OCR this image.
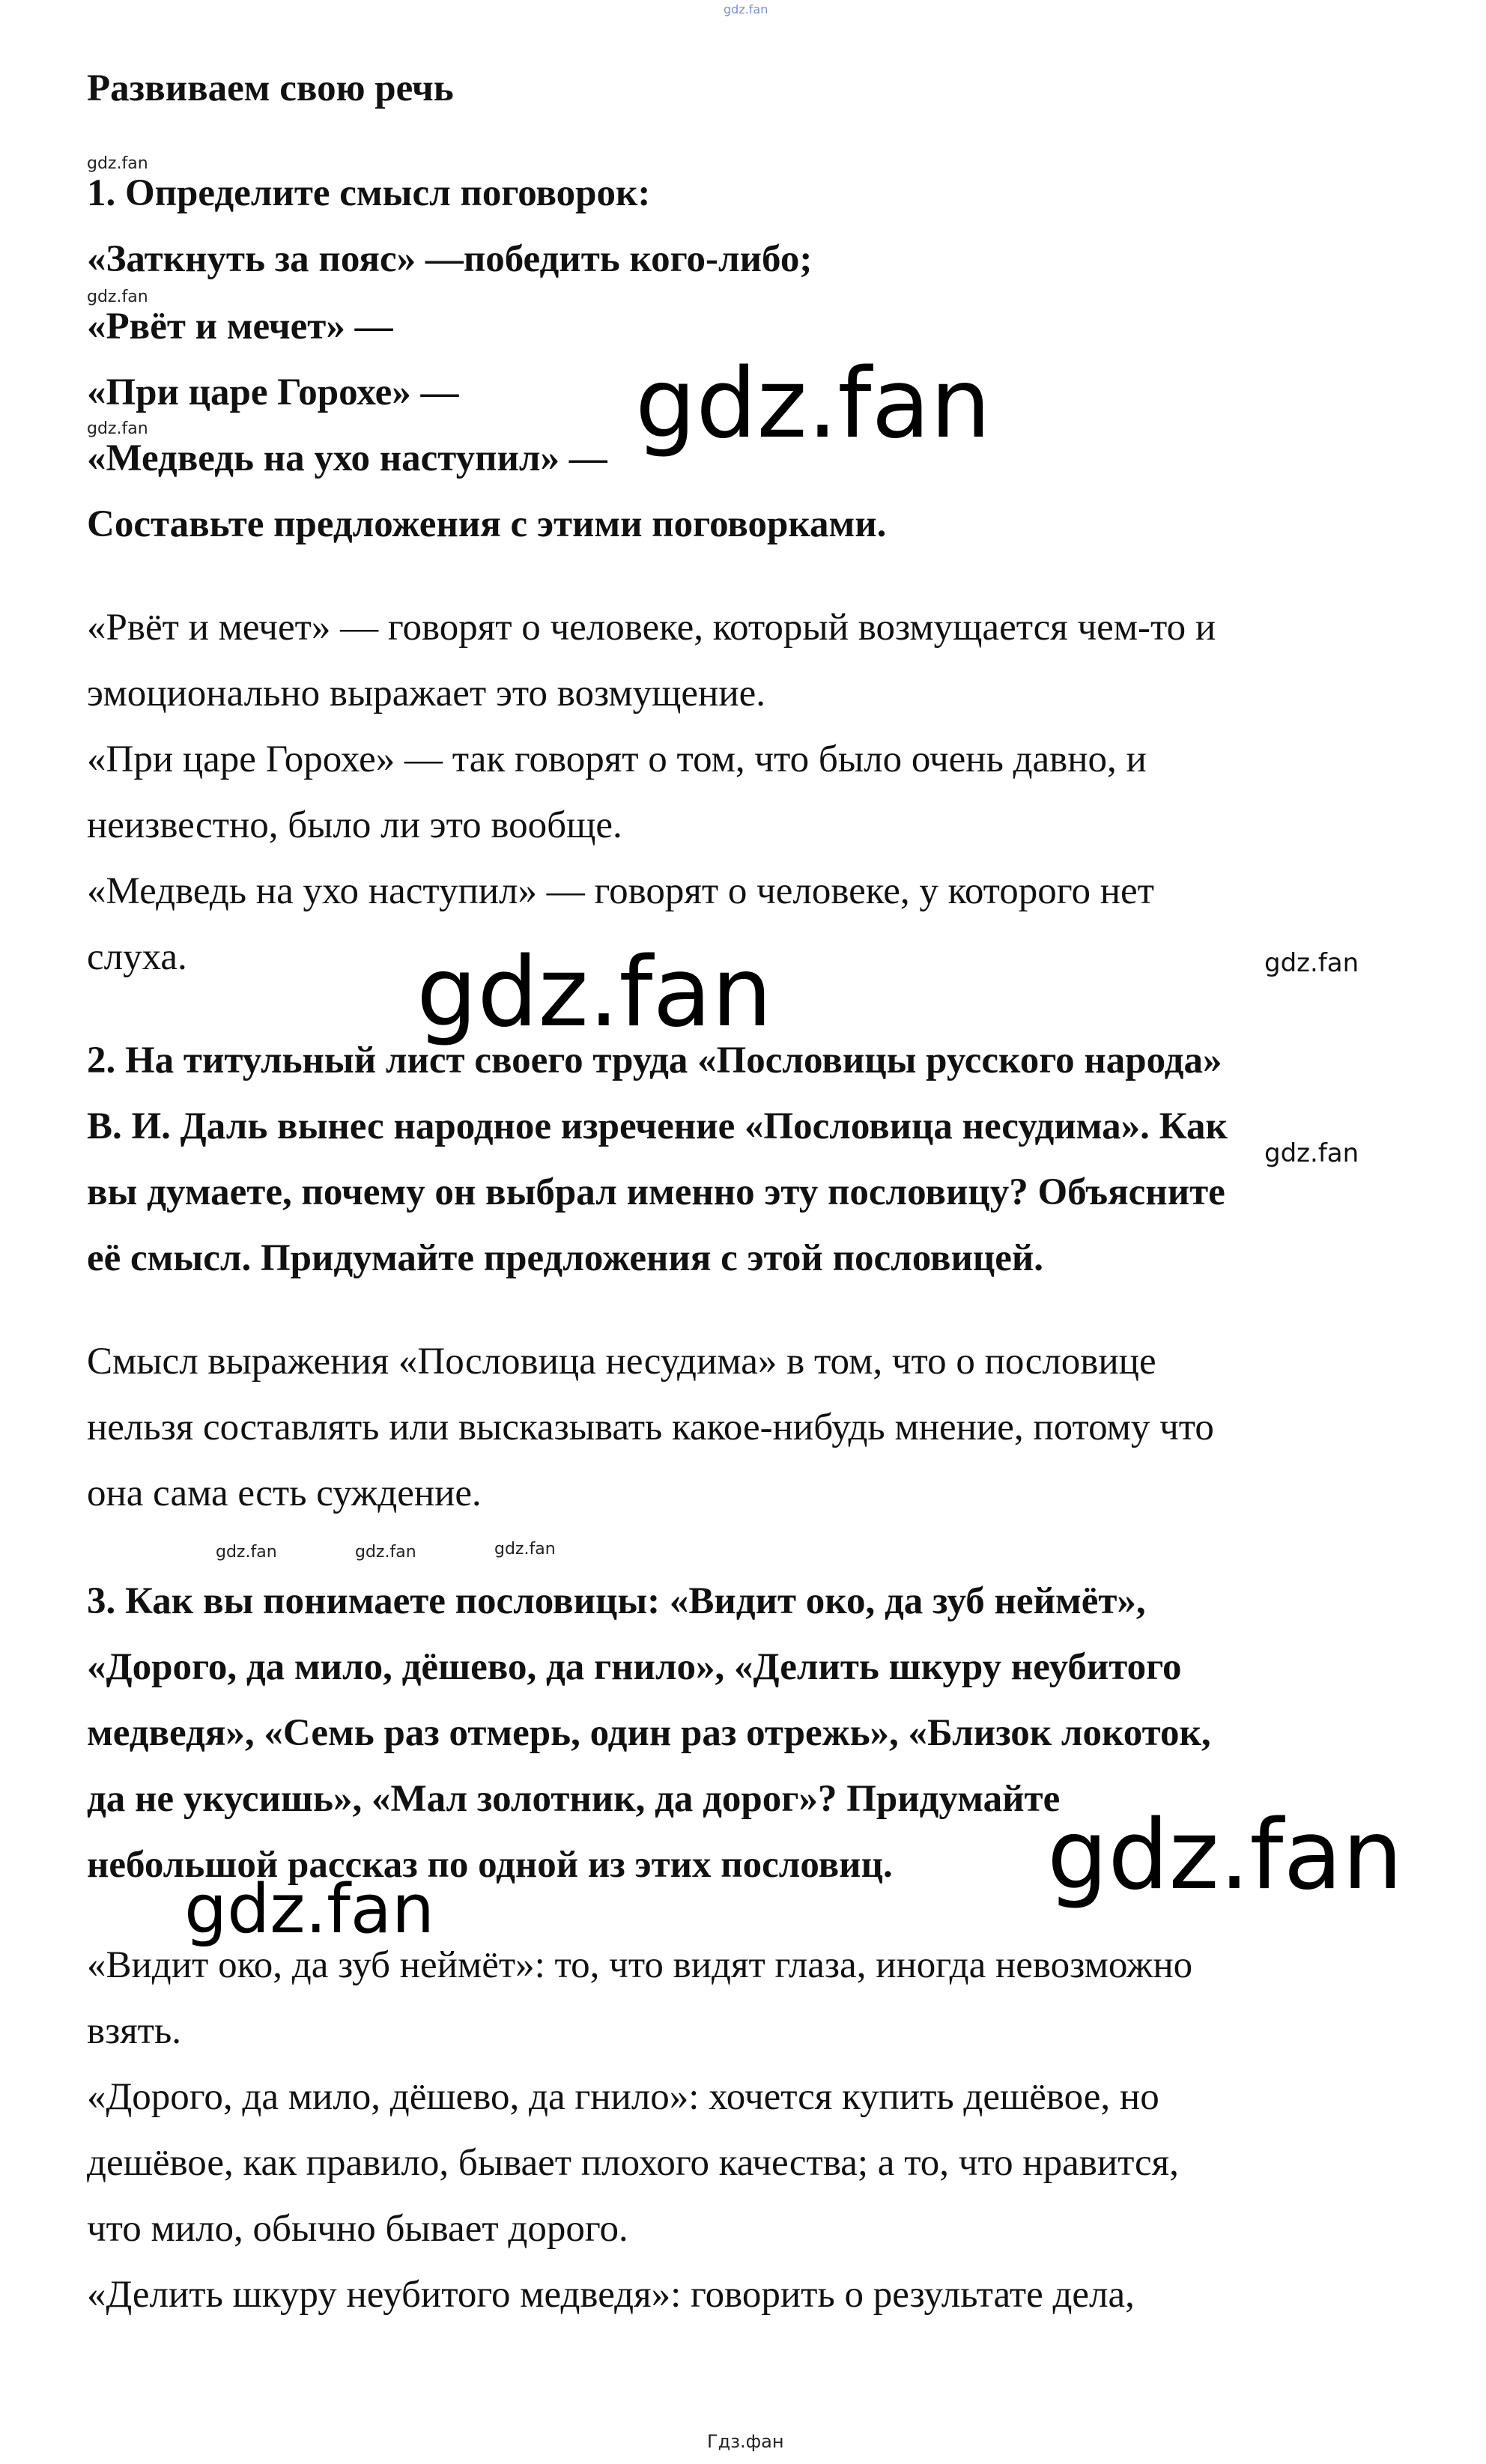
gdz.fan
Развиваем свою речь
gdz.fan
1. Определите смысл поговорок:
«Заткнуть за пояс» —победить кого-либо;
gdz.fan
«Рвёт и мечет» —
«При царе Горохе» —
gdz.fan
«Медведь на ухо наступил» —
Составьте предложения с этими поговорками.
gdz.fan
«Рвёт и мечет» — говорят о человеке, который возмущается чем-то и
эмоционально выражает это возмущение.
«При царе Горохе» — так говорят о том, что было очень давно, и
неизвестно, было ли это вообще.
«Медведь на ухо наступил» — говорят о человеке, у которого нет
слуха.	gdz.fan
gdz.fan
2. На титульный лист своего труда «Пословицы русского народа»
В. И. Даль вынес народное изречение «Пословица несудима». Как
gdz.fan
вы думаете, почему он выбрал именно эту пословицу? Объясните
её смысл. Придумайте предложения с этой пословицей.
Смысл выражения «Пословица несудима» в том, что о пословице
нельзя составлять или высказывать какое-нибудь мнение, потому что
она сама есть суждение.
gdz.fan	gdz.fan	gdz.fan
3. Как вы понимаете пословицы: «Видит око, да зуб неймёт»,
«Дорого, да мило, дёшево, да гнило», «Делить шкуру неубитого
медведя», «Семь раз отмерь, один раз отрежь», «Близок локоток,
да не укусишь», «Мал золотник, да дорог»? Придумайте
небольшой рассказ по одной из этих пословиц. gdz.fan
gdz.fan
«Видит око, да зуб неймёт»: то, что видят глаза, иногда невозможно
взять.
«Дорого, да мило, дёшево, да гнило»: хочется купить дешёвое, но
дешёвое, как правило, бывает плохого качества; а то, что нравится,
что мило, обычно бывает дорого.
«Делить шкуру неубитого медведя»: говорить о результате дела,
Гдз.фан
